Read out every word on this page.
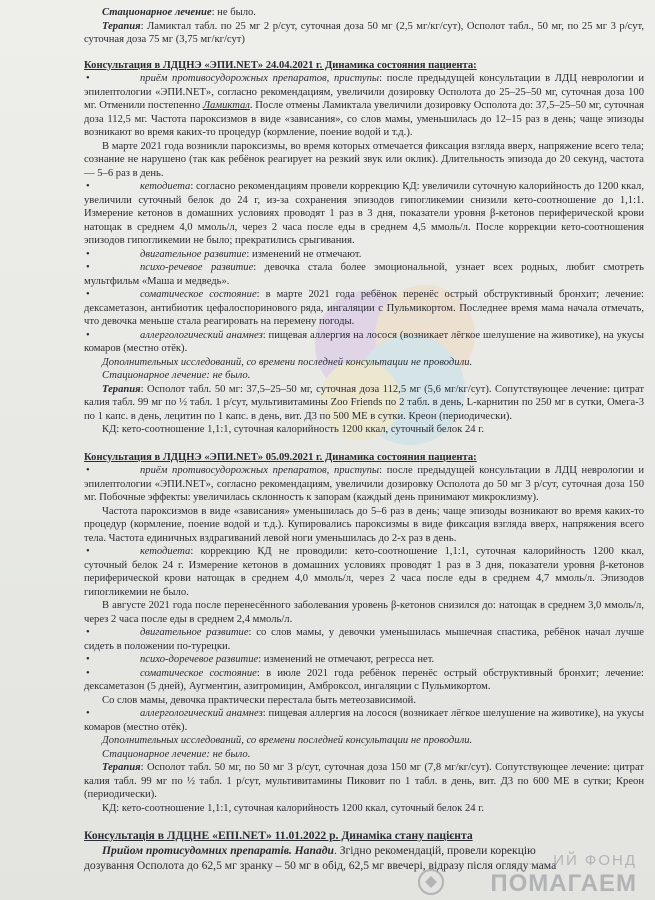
Стационарное лечение: не было.

Терапия: Ламиктал табл. по 25 мг 2 р/сут, суточная доза 50 мг (2,5 мг/кг/сут), Осполот табл., 50 мг, по 25 мг 3 р/сут, суточная доза 75 мг (3,75 мг/кг/сут)

Консультация в ЛДЦНЭ «ЭПИ.NET» 24.04.2021 г. Динамика состояния пациента:

•	приём противосудорожных препаратов, приступы: после предыдущей консультации в ЛДЦ неврологии и эпилептологии «ЭПИ.NET», согласно рекомендациям, увеличили дозировку Осполота до 25–25–50 мг, суточная доза 100 мг. Отменили постепенно Ламиктал. После отмены Ламиктала увеличили дозировку Осполота до: 37,5–25–50 мг, суточная доза 112,5 мг. Частота пароксизмов в виде «зависания», со слов мамы, уменьшилась до 12–15 раз в день; чаще эпизоды возникают во время каких-то процедур (кормление, поение водой и т.д.).

В марте 2021 года возникли пароксизмы, во время которых отмечается фиксация взгляда вверх, напряжение всего тела; сознание не нарушено (так как ребёнок реагирует на резкий звук или оклик). Длительность эпизода до 20 секунд, частота — 5–6 раз в день.

•	кетодиета: согласно рекомендациям провели коррекцию КД: увеличили суточную калорийность до 1200 ккал, увеличили суточный белок до 24 г, из-за сохранения эпизодов гипогликемии снизили кето-соотношение до 1,1:1. Измерение кетонов в домашних условиях проводят 1 раз в 3 дня, показатели уровня β-кетонов периферической крови натощак в среднем 4,0 ммоль/л, через 2 часа после еды в среднем 4,5 ммоль/л. После коррекции кето-соотношения эпизодов гипогликемии не было; прекратились срыгивания.

•	двигательное развитие: изменений не отмечают.

•	психо-речевое развитие: девочка стала более эмоциональной, узнает всех родных, любит смотреть мультфильм «Маша и медведь».

•	соматическое состояние: в марте 2021 года ребёнок перенёс острый обструктивный бронхит; лечение: дексаметазон, антибиотик цефалоспоринового ряда, ингаляции с Пульмикортом. Последнее время мама начала отмечать, что девочка меньше стала реагировать на перемену погоды.

•	аллергологический анамнез: пищевая аллергия на лосося (возникает лёгкое шелушение на животике), на укусы комаров (местно отёк).

Дополнительных исследований, со времени последней консультации не проводили.

Стационарное лечение: не было.

Терапия: Осполот табл. 50 мг: 37,5–25–50 мг, суточная доза 112,5 мг (5,6 мг/кг/сут). Сопутствующее лечение: цитрат калия табл. 99 мг по ½ табл. 1 р/сут, мультивитамины Zoo Friends по 2 табл. в день, L-карнитин по 250 мг в сутки, Омега-3 по 1 капс. в день, лецитин по 1 капс. в день, вит. Д3 по 500 МЕ в сутки. Креон (периодически).

КД: кето-соотношение 1,1:1, суточная калорийность 1200 ккал, суточный белок 24 г.

Консультация в ЛДЦНЭ «ЭПИ.NET» 05.09.2021 г. Динамика состояния пациента:

•	приём противосудорожных препаратов, приступы: после предыдущей консультации в ЛДЦ неврологии и эпилептологии «ЭПИ.NET», согласно рекомендациям, увеличили дозировку Осполота до 50 мг 3 р/сут, суточная доза 150 мг. Побочные эффекты: увеличилась склонность к запорам (каждый день принимают микроклизму).

Частота пароксизмов в виде «зависания» уменьшилась до 5–6 раз в день; чаще эпизоды возникают во время каких-то процедур (кормление, поение водой и т.д.). Купировались пароксизмы в виде фиксация взгляда вверх, напряжения всего тела. Частота единичных вздрагиваний левой ноги уменьшилась до 2-х раз в день.

•	кетодиета: коррекцию КД не проводили: кето-соотношение 1,1:1, суточная калорийность 1200 ккал, суточный белок 24 г. Измерение кетонов в домашних условиях проводят 1 раз в 3 дня, показатели уровня β-кетонов периферической крови натощак в среднем 4,0 ммоль/л, через 2 часа после еды в среднем 4,7 ммоль/л. Эпизодов гипогликемии не было.

В августе 2021 года после перенесённого заболевания уровень β-кетонов снизился до: натощак в среднем 3,0 ммоль/л, через 2 часа после еды в среднем 2,4 ммоль/л.

•	двигательное развитие: со слов мамы, у девочки уменьшилась мышечная спастика, ребёнок начал лучше сидеть в положении по-турецки.

•	психо-доречевое развитие: изменений не отмечают, регресса нет.

•	соматическое состояние: в июле 2021 года ребёнок перенёс острый обструктивный бронхит; лечение: дексаметазон (5 дней), Аугментин, азитромицин, Амброксол, ингаляции с Пульмикортом.

Со слов мамы, девочка практически перестала быть метеозависимой.

•	аллергологический анамнез: пищевая аллергия на лосося (возникает лёгкое шелушение на животике), на укусы комаров (местно отёк).

Дополнительных исследований, со времени последней консультации не проводили.

Стационарное лечение: не было.

Терапия: Осполот табл. 50 мг, по 50 мг 3 р/сут, суточная доза 150 мг (7,8 мг/кг/сут). Сопутствующее лечение: цитрат калия табл. 99 мг по ½ табл. 1 р/сут, мультивитамины Пиковит по 1 табл. в день, вит. Д3 по 600 МЕ в сутки; Креон (периодически).

КД: кето-соотношение 1,1:1, суточная калорийность 1200 ккал, суточный белок 24 г.

Консультація в ЛДЦНЕ «ЕПІ.NET» 11.01.2022 р. Динаміка стану пацієнта

Прийом протисудомних препаратів. Напади. Згідно рекомендацій, провели корекцію

дозування Осполота до 62,5 мг зранку – 50 мг в обід, 62,5 мг ввечері, відразу після огляду мамa

... ИЙ ФОНД
ПОМАГАЕМ
